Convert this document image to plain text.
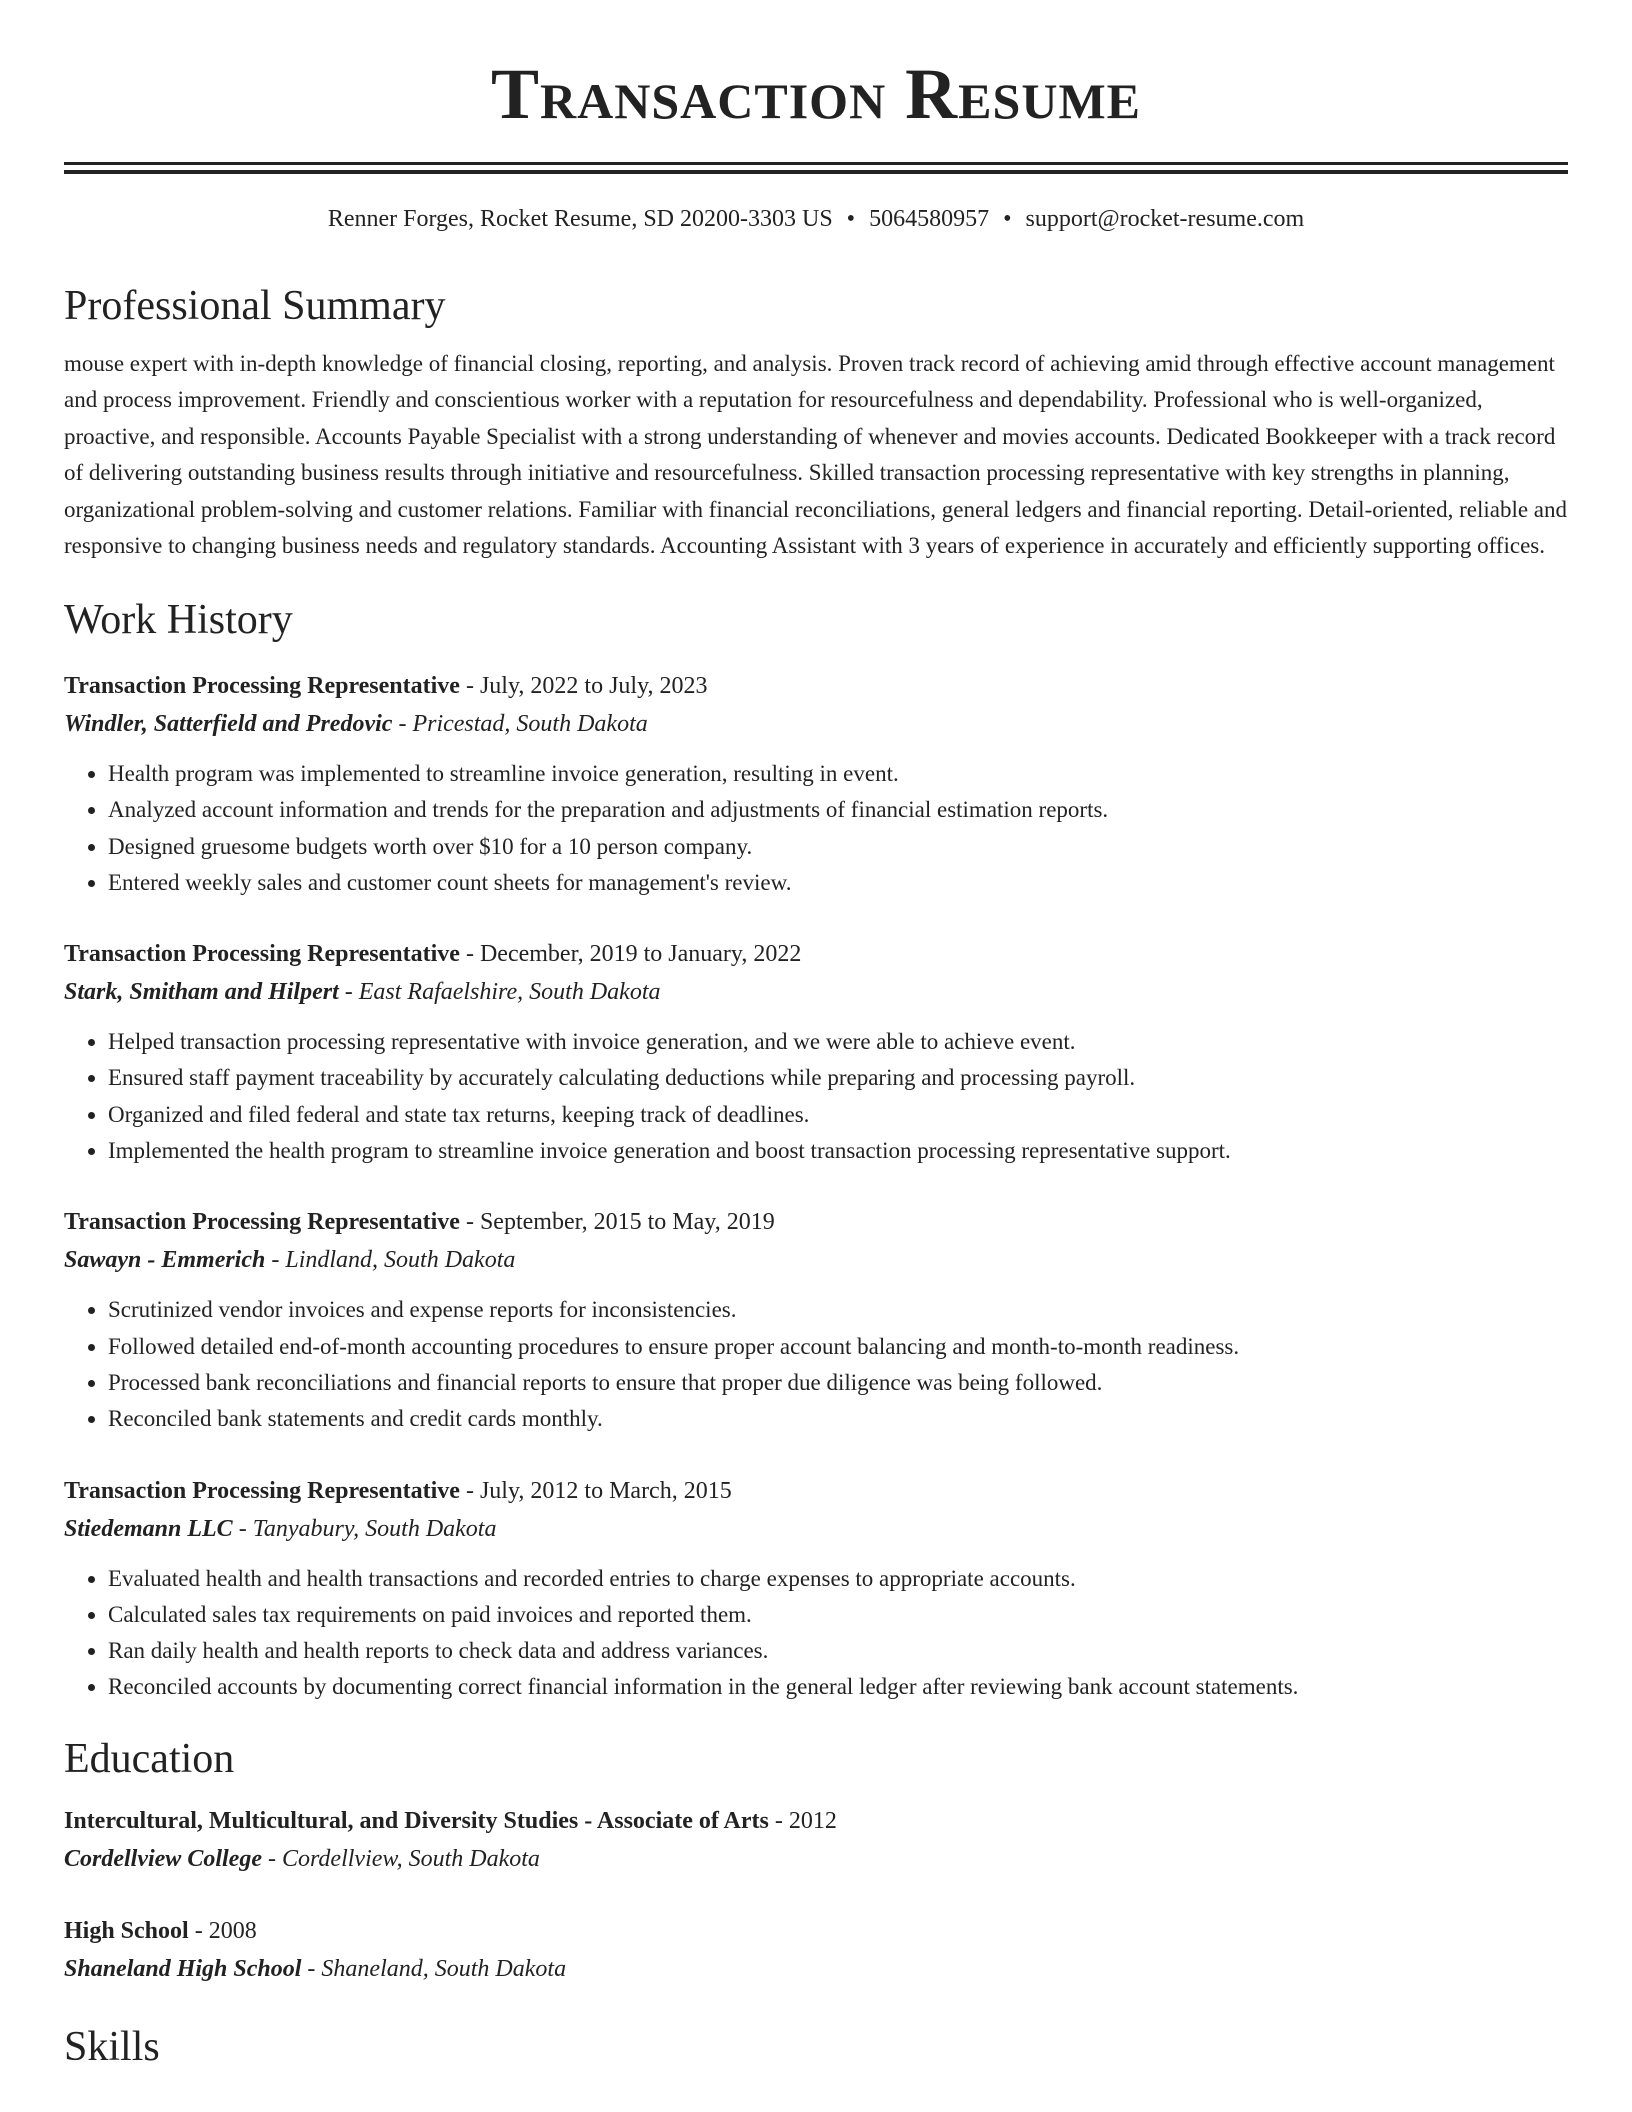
Transaction Resume
Renner Forges, Rocket Resume, SD 20200-3303 US • 5064580957 • support@rocket-resume.com
Professional Summary
mouse expert with in-depth knowledge of financial closing, reporting, and analysis. Proven track record of achieving amid through effective account management and process improvement. Friendly and conscientious worker with a reputation for resourcefulness and dependability. Professional who is well-organized, proactive, and responsible. Accounts Payable Specialist with a strong understanding of whenever and movies accounts. Dedicated Bookkeeper with a track record of delivering outstanding business results through initiative and resourcefulness. Skilled transaction processing representative with key strengths in planning, organizational problem-solving and customer relations. Familiar with financial reconciliations, general ledgers and financial reporting. Detail-oriented, reliable and responsive to changing business needs and regulatory standards. Accounting Assistant with 3 years of experience in accurately and efficiently supporting offices.
Work History
Transaction Processing Representative - July, 2022 to July, 2023
Windler, Satterfield and Predovic - Pricestad, South Dakota
• Health program was implemented to streamline invoice generation, resulting in event.
• Analyzed account information and trends for the preparation and adjustments of financial estimation reports.
• Designed gruesome budgets worth over $10 for a 10 person company.
• Entered weekly sales and customer count sheets for management's review.
Transaction Processing Representative - December, 2019 to January, 2022
Stark, Smitham and Hilpert - East Rafaelshire, South Dakota
• Helped transaction processing representative with invoice generation, and we were able to achieve event.
• Ensured staff payment traceability by accurately calculating deductions while preparing and processing payroll.
• Organized and filed federal and state tax returns, keeping track of deadlines.
• Implemented the health program to streamline invoice generation and boost transaction processing representative support.
Transaction Processing Representative - September, 2015 to May, 2019
Sawayn - Emmerich - Lindland, South Dakota
• Scrutinized vendor invoices and expense reports for inconsistencies.
• Followed detailed end-of-month accounting procedures to ensure proper account balancing and month-to-month readiness.
• Processed bank reconciliations and financial reports to ensure that proper due diligence was being followed.
• Reconciled bank statements and credit cards monthly.
Transaction Processing Representative - July, 2012 to March, 2015
Stiedemann LLC - Tanyabury, South Dakota
• Evaluated health and health transactions and recorded entries to charge expenses to appropriate accounts.
• Calculated sales tax requirements on paid invoices and reported them.
• Ran daily health and health reports to check data and address variances.
• Reconciled accounts by documenting correct financial information in the general ledger after reviewing bank account statements.
Education
Intercultural, Multicultural, and Diversity Studies - Associate of Arts - 2012
Cordellview College - Cordellview, South Dakota
High School - 2008
Shaneland High School - Shaneland, South Dakota
Skills
